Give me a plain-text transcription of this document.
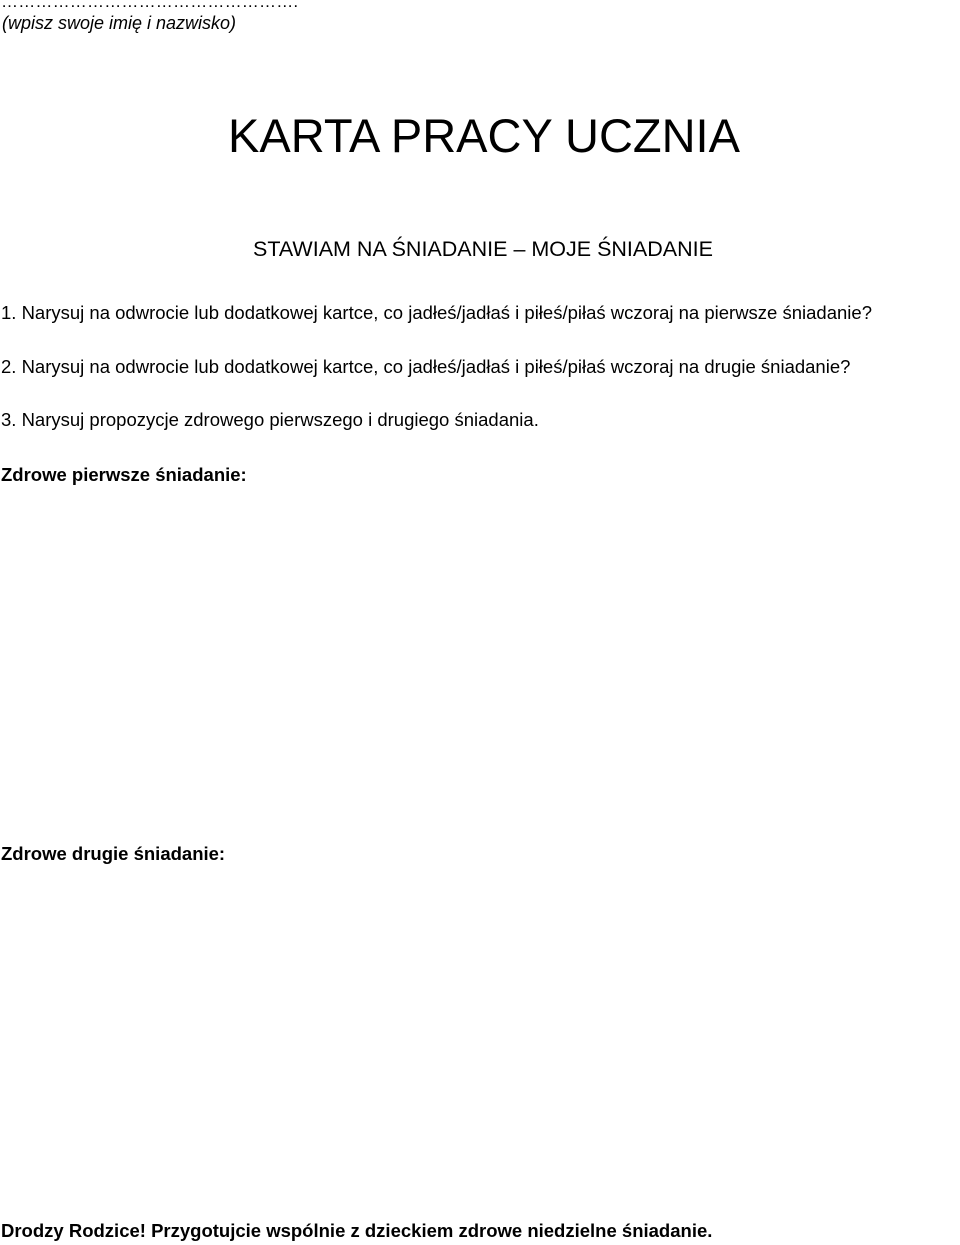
…………………………………………….
(wpisz swoje imię i nazwisko)
KARTA PRACY UCZNIA
STAWIAM NA ŚNIADANIE – MOJE ŚNIADANIE
1. Narysuj na odwrocie lub dodatkowej kartce, co jadłeś/jadłaś i piłeś/piłaś wczoraj na pierwsze śniadanie?
2. Narysuj na odwrocie lub dodatkowej kartce, co jadłeś/jadłaś i piłeś/piłaś wczoraj na drugie śniadanie?
3. Narysuj propozycje zdrowego pierwszego i drugiego śniadania.
Zdrowe pierwsze śniadanie:
Zdrowe drugie śniadanie:
Drodzy Rodzice! Przygotujcie wspólnie z dzieckiem zdrowe niedzielne śniadanie.
